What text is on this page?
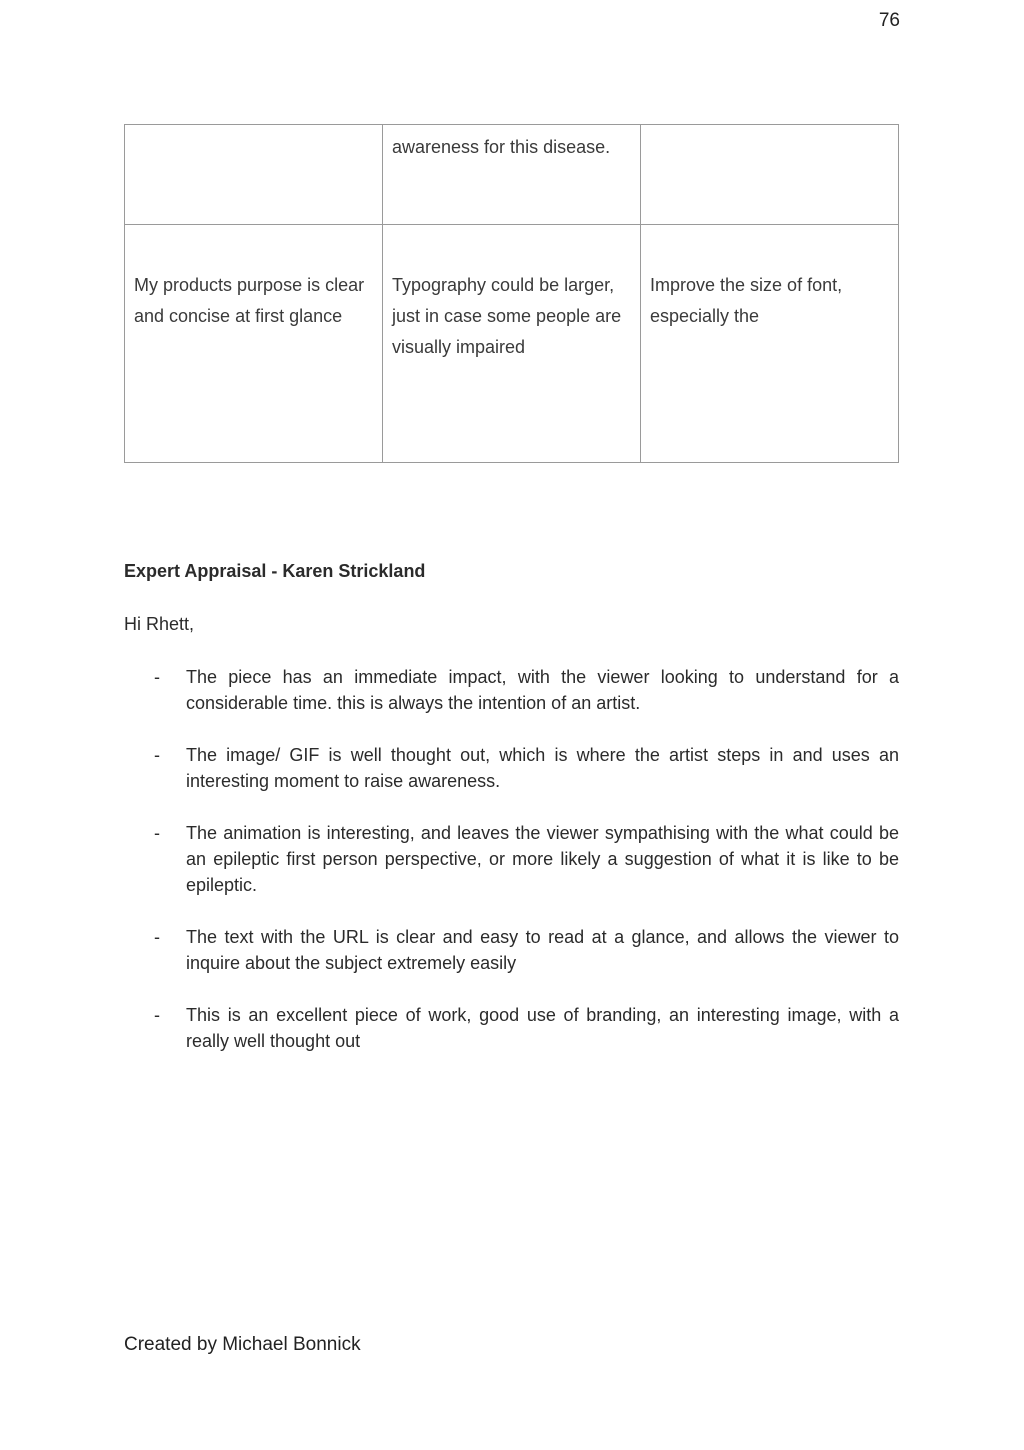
76
	awareness for this disease.	
My products purpose is clear and concise at first glance	Typography could be larger, just in case some people are visually impaired	Improve the size of font, especially the
Expert Appraisal - Karen Strickland
Hi Rhett,
- The piece has an immediate impact, with the viewer looking to understand for a considerable time. this is always the intention of an artist.
- The image/ GIF is well thought out, which is where the artist steps in and uses an interesting moment to raise awareness.
- The animation is interesting, and leaves the viewer sympathising with the what could be an epileptic first person perspective, or more likely a suggestion of what it is like to be epileptic.
- The text with the URL is clear and easy to read at a glance, and allows the viewer to inquire about the subject extremely easily
- This is an excellent piece of work, good use of branding, an interesting image, with a really well thought out
Created by Michael Bonnick
